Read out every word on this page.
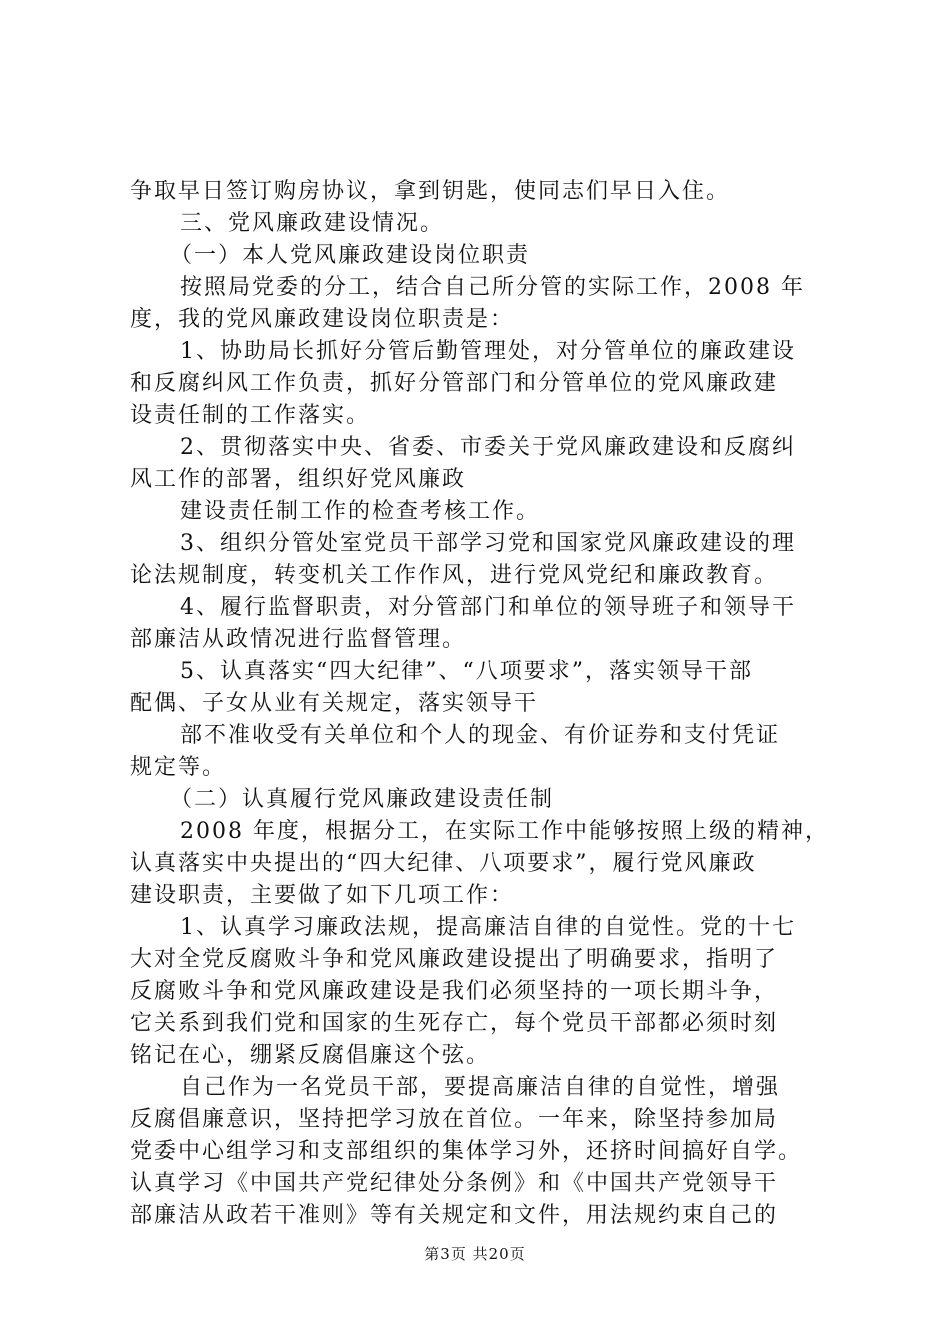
争取早日签订购房协议，拿到钥匙，使同志们早日入住。
三、党风廉政建设情况。
（一）本人党风廉政建设岗位职责
按照局党委的分工，结合自己所分管的实际工作，2008 年
度，我的党风廉政建设岗位职责是：
1、协助局长抓好分管后勤管理处，对分管单位的廉政建设
和反腐纠风工作负责，抓好分管部门和分管单位的党风廉政建
设责任制的工作落实。
2、贯彻落实中央、省委、市委关于党风廉政建设和反腐纠
风工作的部署，组织好党风廉政
建设责任制工作的检查考核工作。
3、组织分管处室党员干部学习党和国家党风廉政建设的理
论法规制度，转变机关工作作风，进行党风党纪和廉政教育。
4、履行监督职责，对分管部门和单位的领导班子和领导干
部廉洁从政情况进行监督管理。
5、认真落实“四大纪律”、“八项要求”，落实领导干部
配偶、子女从业有关规定，落实领导干
部不准收受有关单位和个人的现金、有价证券和支付凭证
规定等。
（二）认真履行党风廉政建设责任制
2008 年度，根据分工，在实际工作中能够按照上级的精神，
认真落实中央提出的“四大纪律、八项要求”，履行党风廉政
建设职责，主要做了如下几项工作：
1、认真学习廉政法规，提高廉洁自律的自觉性。党的十七
大对全党反腐败斗争和党风廉政建设提出了明确要求，指明了
反腐败斗争和党风廉政建设是我们必须坚持的一项长期斗争，
它关系到我们党和国家的生死存亡，每个党员干部都必须时刻
铭记在心，绷紧反腐倡廉这个弦。
自己作为一名党员干部，要提高廉洁自律的自觉性，增强
反腐倡廉意识，坚持把学习放在首位。一年来，除坚持参加局
党委中心组学习和支部组织的集体学习外，还挤时间搞好自学。
认真学习《中国共产党纪律处分条例》和《中国共产党领导干
部廉洁从政若干准则》等有关规定和文件，用法规约束自己的
第3页 共20页
